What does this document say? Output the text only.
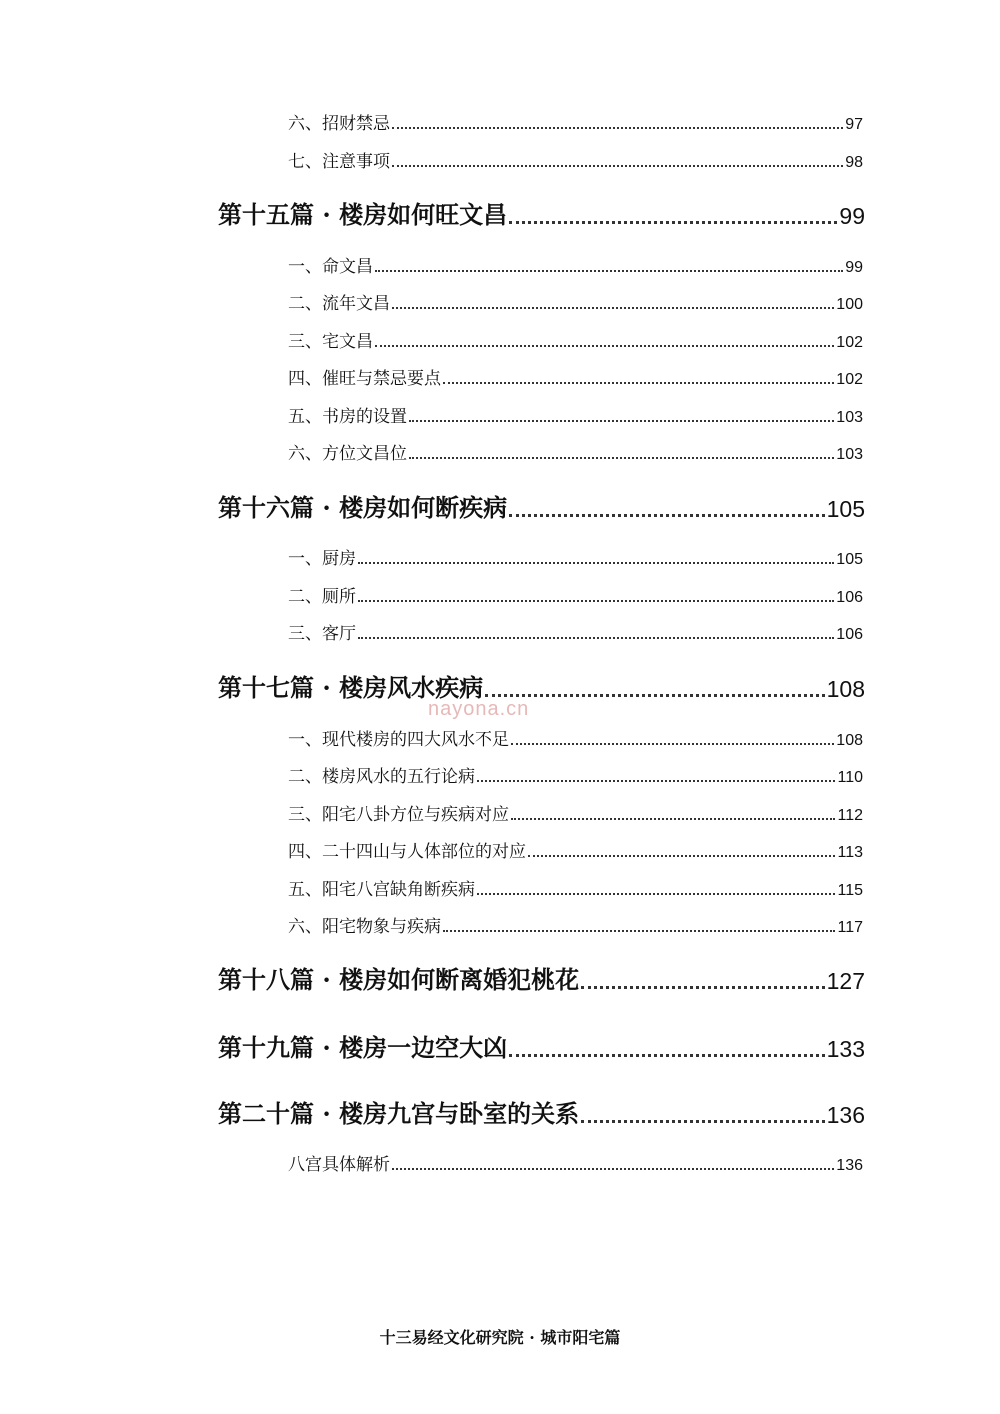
六、招财禁忌	97
七、注意事项	98
第十五篇 · 楼房如何旺文昌	99
一、命文昌	99
二、流年文昌	100
三、宅文昌	102
四、催旺与禁忌要点	102
五、书房的设置	103
六、方位文昌位	103
第十六篇 · 楼房如何断疾病	105
一、厨房	105
二、厕所	106
三、客厅	106
第十七篇 · 楼房风水疾病	108
一、现代楼房的四大风水不足	108
二、楼房风水的五行论病	110
三、阳宅八卦方位与疾病对应	112
四、二十四山与人体部位的对应	113
五、阳宅八宫缺角断疾病	115
六、阳宅物象与疾病	117
第十八篇 · 楼房如何断离婚犯桃花	127
第十九篇 · 楼房一边空大凶	133
第二十篇 · 楼房九宫与卧室的关系	136
八宫具体解析	136
nayona.cn
十三易经文化研究院 · 城市阳宅篇
